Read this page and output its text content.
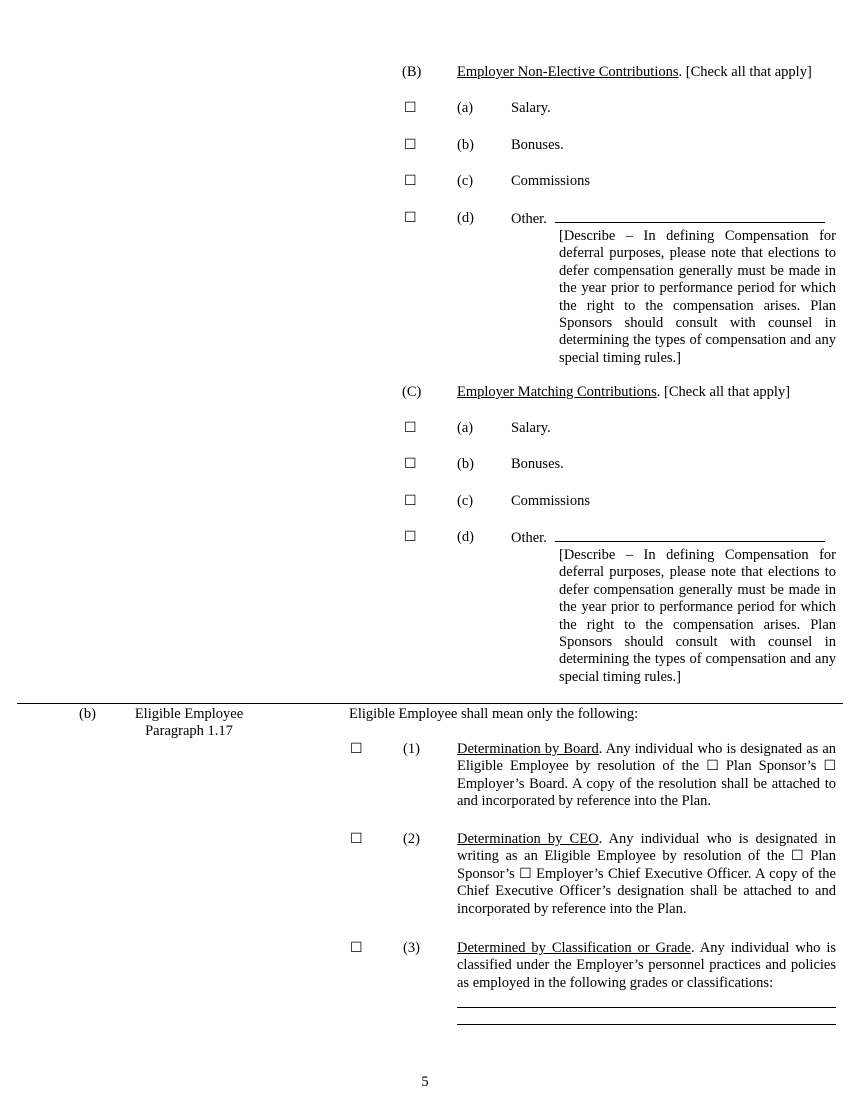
(B) Employer Non-Elective Contributions. [Check all that apply]
☐	(a)	Salary.
☐	(b)	Bonuses.
☐	(c)	Commissions
☐	(d)	Other.
[Describe – In defining Compensation for deferral purposes, please note that elections to defer compensation generally must be made in the year prior to performance period for which the right to the compensation arises. Plan Sponsors should consult with counsel in determining the types of compensation and any special timing rules.]
(C) Employer Matching Contributions. [Check all that apply]
☐	(a)	Salary.
☐	(b)	Bonuses.
☐	(c)	Commissions
☐	(d)	Other.
[Describe – In defining Compensation for deferral purposes, please note that elections to defer compensation generally must be made in the year prior to performance period for which the right to the compensation arises. Plan Sponsors should consult with counsel in determining the types of compensation and any special timing rules.]
(b)	Eligible Employee
Paragraph 1.17
Eligible Employee shall mean only the following:
☐	(1)	Determination by Board. Any individual who is designated as an Eligible Employee by resolution of the ☐ Plan Sponsor’s ☐ Employer’s Board. A copy of the resolution shall be attached to and incorporated by reference into the Plan.
☐	(2)	Determination by CEO. Any individual who is designated in writing as an Eligible Employee by resolution of the ☐ Plan Sponsor’s ☐ Employer’s Chief Executive Officer. A copy of the Chief Executive Officer’s designation shall be attached to and incorporated by reference into the Plan.
☐	(3)	Determined by Classification or Grade. Any individual who is classified under the Employer’s personnel practices and policies as employed in the following grades or classifications:
5
